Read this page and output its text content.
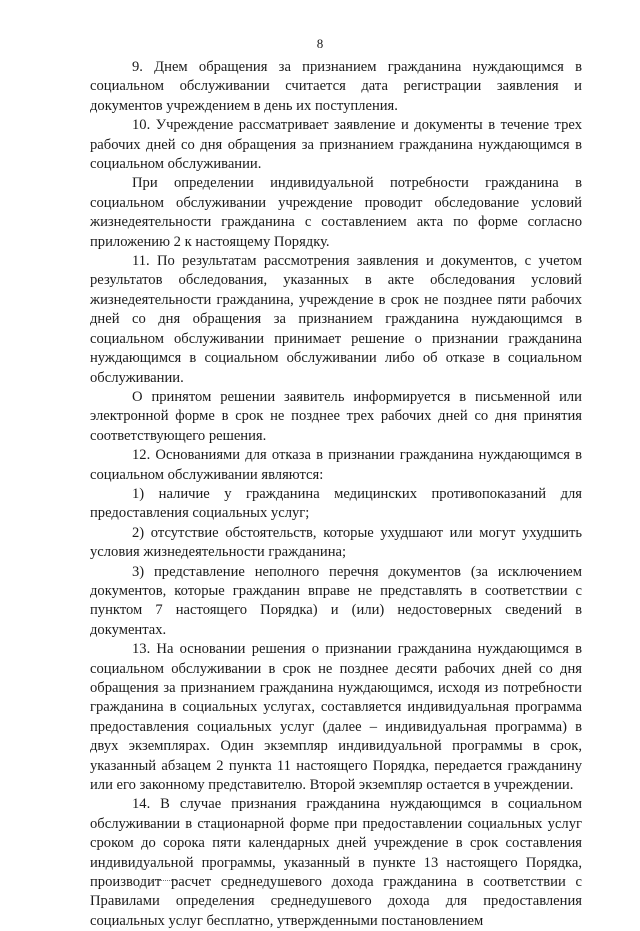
8

9. Днем обращения за признанием гражданина нуждающимся в социальном обслуживании считается дата регистрации заявления и документов учреждением в день их поступления.

10. Учреждение рассматривает заявление и документы в течение трех рабочих дней со дня обращения за признанием гражданина нуждающимся в социальном обслуживании.

При определении индивидуальной потребности гражданина в социальном обслуживании учреждение проводит обследование условий жизнедеятельности гражданина с составлением акта по форме согласно приложению 2 к настоящему Порядку.

11. По результатам рассмотрения заявления и документов, с учетом результатов обследования, указанных в акте обследования условий жизнедеятельности гражданина, учреждение в срок не позднее пяти рабочих дней со дня обращения за признанием гражданина нуждающимся в социальном обслуживании принимает решение о признании гражданина нуждающимся в социальном обслуживании либо об отказе в социальном обслуживании.

О принятом решении заявитель информируется в письменной или электронной форме в срок не позднее трех рабочих дней со дня принятия соответствующего решения.

12. Основаниями для отказа в признании гражданина нуждающимся в социальном обслуживании являются:

1) наличие у гражданина медицинских противопоказаний для предоставления социальных услуг;

2) отсутствие обстоятельств, которые ухудшают или могут ухудшить условия жизнедеятельности гражданина;

3) представление неполного перечня документов (за исключением документов, которые гражданин вправе не представлять в соответствии с пунктом 7 настоящего Порядка) и (или) недостоверных сведений в документах.

13. На основании решения о признании гражданина нуждающимся в социальном обслуживании в срок не позднее десяти рабочих дней со дня обращения за признанием гражданина нуждающимся, исходя из потребности гражданина в социальных услугах, составляется индивидуальная программа предоставления социальных услуг (далее – индивидуальная программа) в двух экземплярах. Один экземпляр индивидуальной программы в срок, указанный абзацем 2 пункта 11 настоящего Порядка, передается гражданину или его законному представителю. Второй экземпляр остается в учреждении.

14. В случае признания гражданина нуждающимся в социальном обслуживании в стационарной форме при предоставлении социальных услуг сроком до сорока пяти календарных дней учреждение в срок составления индивидуальной программы, указанный в пункте 13 настоящего Порядка, производит расчет среднедушевого дохода гражданина в соответствии с Правилами определения среднедушевого дохода для предоставления социальных услуг бесплатно, утвержденными постановлением
